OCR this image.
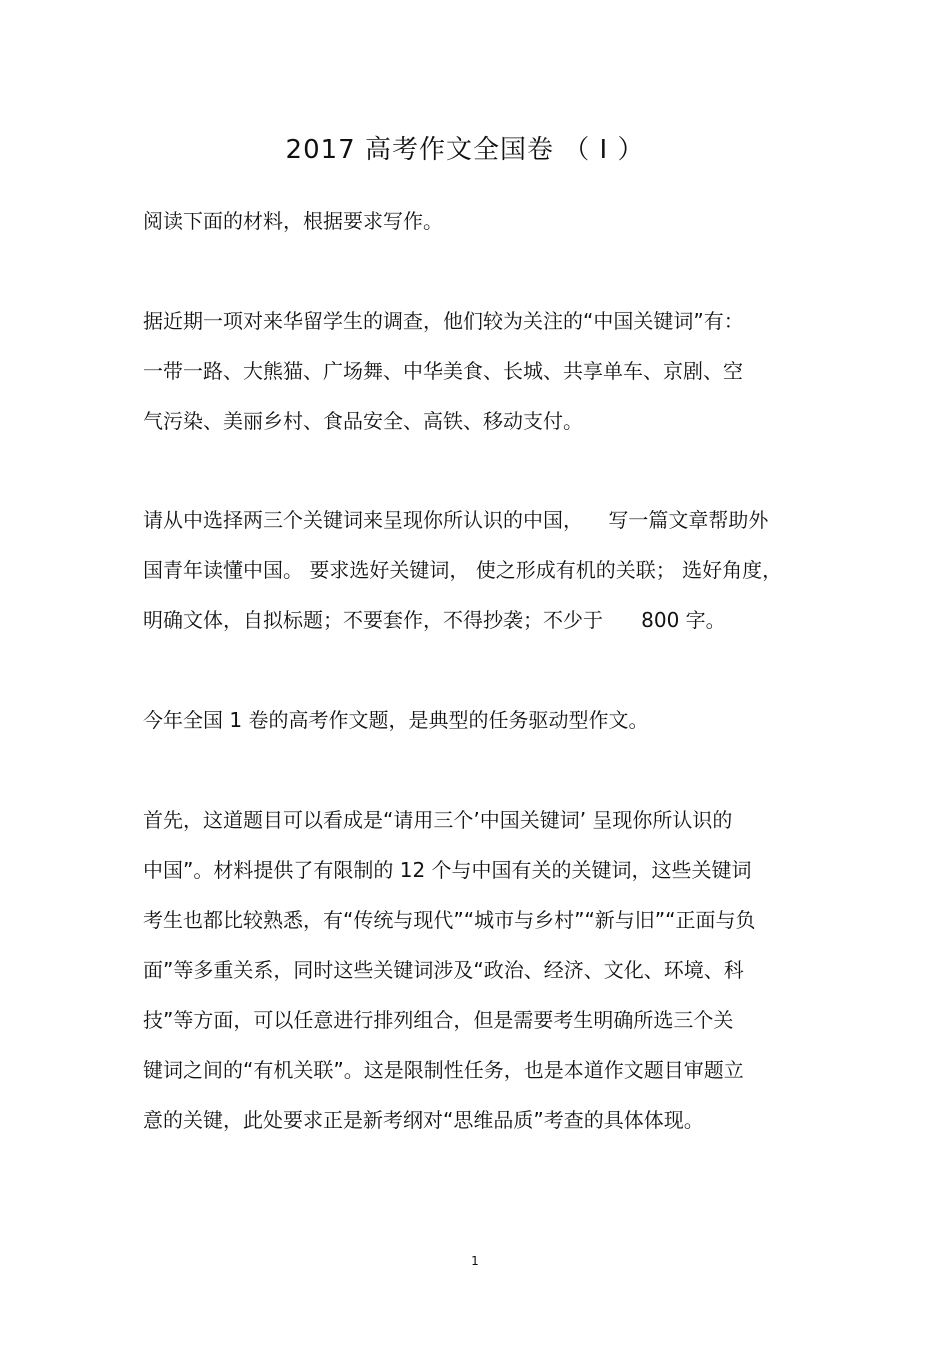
2017 高考作文全国卷 （ Ⅰ ）
阅读下面的材料，根据要求写作。
据近期一项对来华留学生的调查，他们较为关注的“中国关键词”有：
一带一路、大熊猫、广场舞、中华美食、长城、共享单车、京剧、空
气污染、美丽乡村、食品安全、高铁、移动支付。
请从中选择两三个关键词来呈现你所认识的中国，    写一篇文章帮助外
国青年读懂中国。 要求选好关键词， 使之形成有机的关联； 选好角度，
明确文体，自拟标题；不要套作，不得抄袭；不少于      800 字。
今年全国 1 卷的高考作文题，是典型的任务驱动型作文。
首先，这道题目可以看成是“请用三个’中国关键词’ 呈现你所认识的
中国”。材料提供了有限制的 12 个与中国有关的关键词，这些关键词
考生也都比较熟悉，有“传统与现代”“城市与乡村”“新与旧”“正面与负
面”等多重关系，同时这些关键词涉及“政治、经济、文化、环境、科
技”等方面，可以任意进行排列组合，但是需要考生明确所选三个关
键词之间的“有机关联”。这是限制性任务，也是本道作文题目审题立
意的关键，此处要求正是新考纲对“思维品质”考查的具体体现。
1
